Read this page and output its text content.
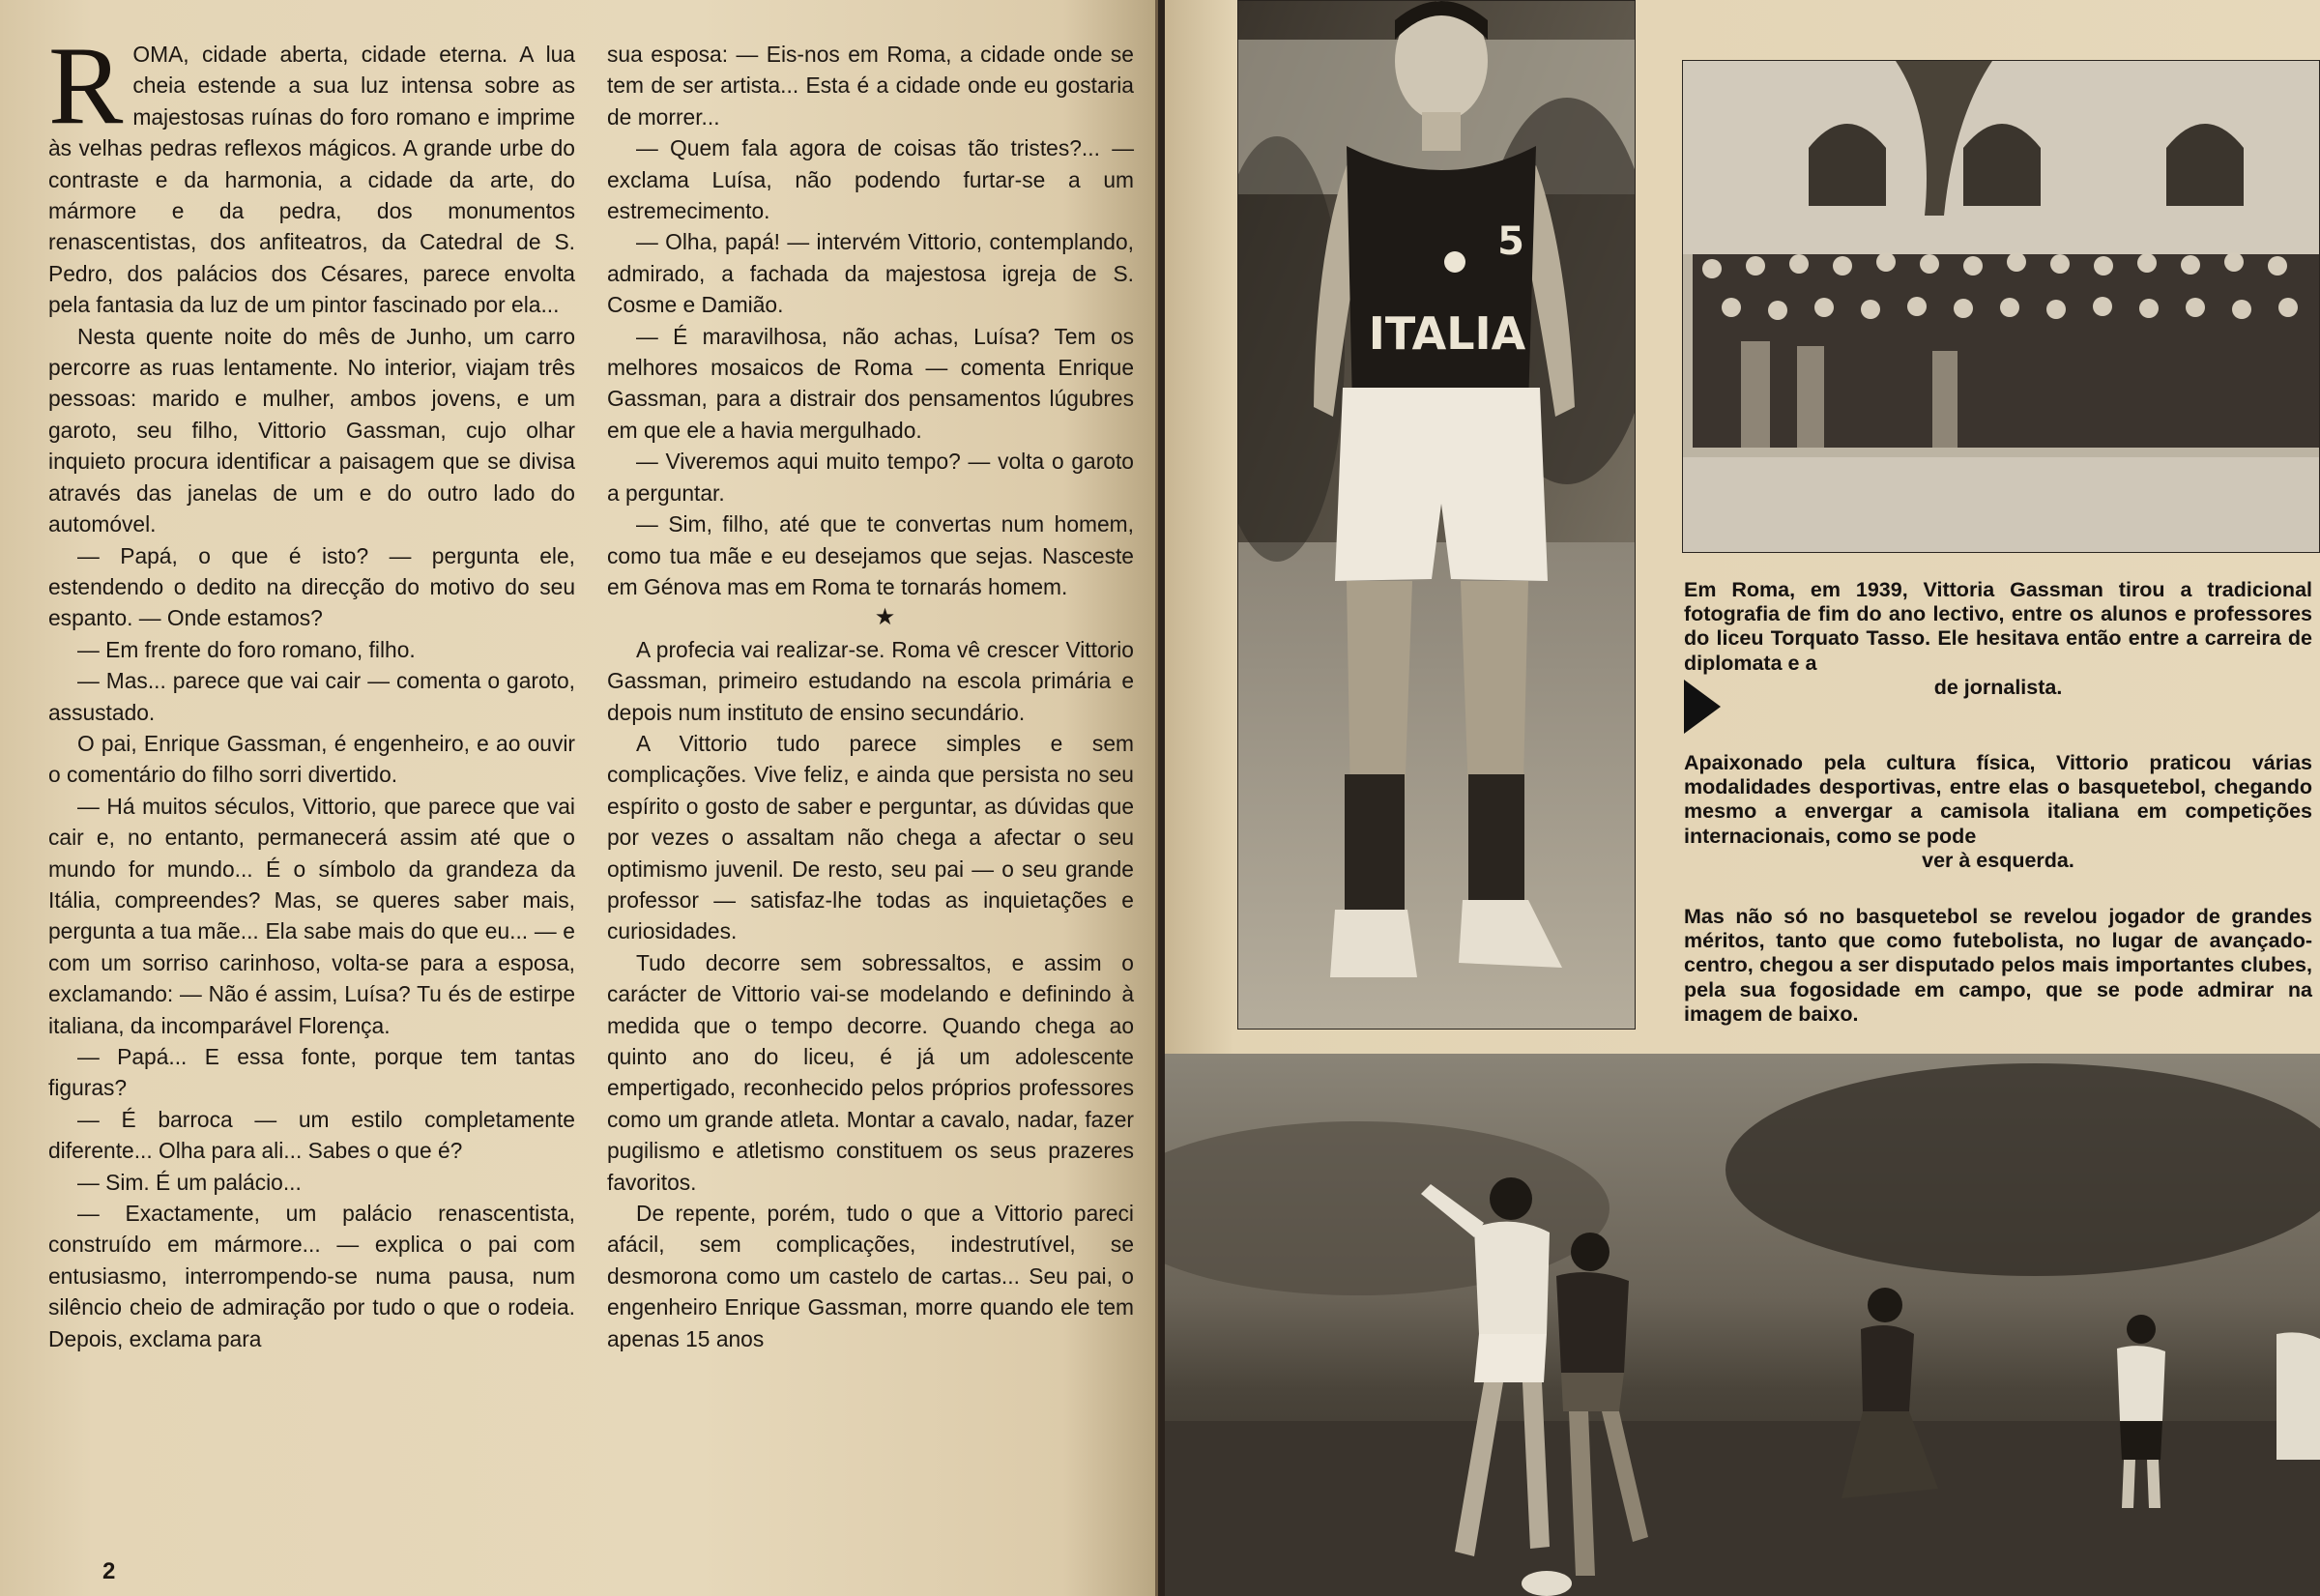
R OMA, cidade aberta, cidade eterna. A lua cheia estende a sua luz intensa sobre as majestosas ruínas do foro romano e imprime às velhas pedras reflexos mágicos. A grande urbe do contraste e da harmonia, a cidade da arte, do mármore e da pedra, dos monumentos renascentistas, dos anfiteatros, da Catedral de S. Pedro, dos palácios dos Césares, parece envolta pela fantasia da luz de um pintor fascinado por ela...

Nesta quente noite do mês de Junho, um carro percorre as ruas lentamente. No interior, viajam três pessoas: marido e mulher, ambos jovens, e um garoto, seu filho, Vittorio Gassman, cujo olhar inquieto procura identificar a paisagem que se divisa através das janelas de um e do outro lado do automóvel.

— Papá, o que é isto? — pergunta ele, estendendo o dedito na direcção do motivo do seu espanto. — Onde estamos?

— Em frente do foro romano, filho.

— Mas... parece que vai cair — comenta o garoto, assustado.

O pai, Enrique Gassman, é engenheiro, e ao ouvir o comentário do filho sorri divertido.

— Há muitos séculos, Vittorio, que parece que vai cair e, no entanto, permanecerá assim até que o mundo for mundo... É o símbolo da grandeza da Itália, compreendes? Mas, se queres saber mais, pergunta a tua mãe... Ela sabe mais do que eu... — e com um sorriso carinhoso, volta-se para a esposa, exclamando: — Não é assim, Luísa? Tu és de estirpe italiana, da incomparável Florença.

— Papá... E essa fonte, porque tem tantas figuras?

— É barroca — um estilo completamente diferente... Olha para ali... Sabes o que é?

— Sim. É um palácio...

— Exactamente, um palácio renascentista, construído em mármore... — explica o pai com entusiasmo, interrompendo-se numa pausa, num silêncio cheio de admiração por tudo o que o rodeia. Depois, exclama para

sua esposa: — Eis-nos em Roma, a cidade onde se tem de ser artista... Esta é a cidade onde eu gostaria de morrer...

— Quem fala agora de coisas tão tristes?... — exclama Luísa, não podendo furtar-se a um estremecimento.

— Olha, papá! — intervém Vittorio, contemplando, admirado, a fachada da majestosa igreja de S. Cosme e Damião.

— É maravilhosa, não achas, Luísa? Tem os melhores mosaicos de Roma — comenta Enrique Gassman, para a distrair dos pensamentos lúgubres em que ele a havia mergulhado.

— Viveremos aqui muito tempo? — volta o garoto a perguntar.

— Sim, filho, até que te convertas num homem, como tua mãe e eu desejamos que sejas. Nasceste em Génova mas em Roma te tornarás homem.

★

A profecia vai realizar-se. Roma vê crescer Vittorio Gassman, primeiro estudando na escola primária e depois num instituto de ensino secundário.

A Vittorio tudo parece simples e sem complicações. Vive feliz, e ainda que persista no seu espírito o gosto de saber e perguntar, as dúvidas que por vezes o assaltam não chega a afectar o seu optimismo juvenil. De resto, seu pai — o seu grande professor — satisfaz-lhe todas as inquietações e curiosidades.

Tudo decorre sem sobressaltos, e assim o carácter de Vittorio vai-se modelando e definindo à medida que o tempo decorre. Quando chega ao quinto ano do liceu, é já um adolescente empertigado, reconhecido pelos próprios professores como um grande atleta. Montar a cavalo, nadar, fazer pugilismo e atletismo constituem os seus prazeres favoritos.

De repente, porém, tudo o que a Vittorio pareci afácil, sem complicações, indestrutível, se desmorona como um castelo de cartas... Seu pai, o engenheiro Enrique Gassman, morre quando ele tem apenas 15 anos

2
ITALIA
5
Em Roma, em 1939, Vittoria Gassman tirou a tradicional fotografia de fim do ano lectivo, entre os alunos e professores do liceu Torquato Tasso. Ele hesitava então entre a carreira de diplomata e a
de jornalista.
Apaixonado pela cultura física, Vittorio praticou várias modalidades desportivas, entre elas o basquetebol, chegando mesmo a envergar a camisola italiana em competições internacionais, como se pode
ver à esquerda.
Mas não só no basquetebol se revelou jogador de grandes méritos, tanto que como futebolista, no lugar de avançado-centro, chegou a ser disputado pelos mais importantes clubes, pela sua fogosidade em campo, que se pode admirar na imagem de baixo.
